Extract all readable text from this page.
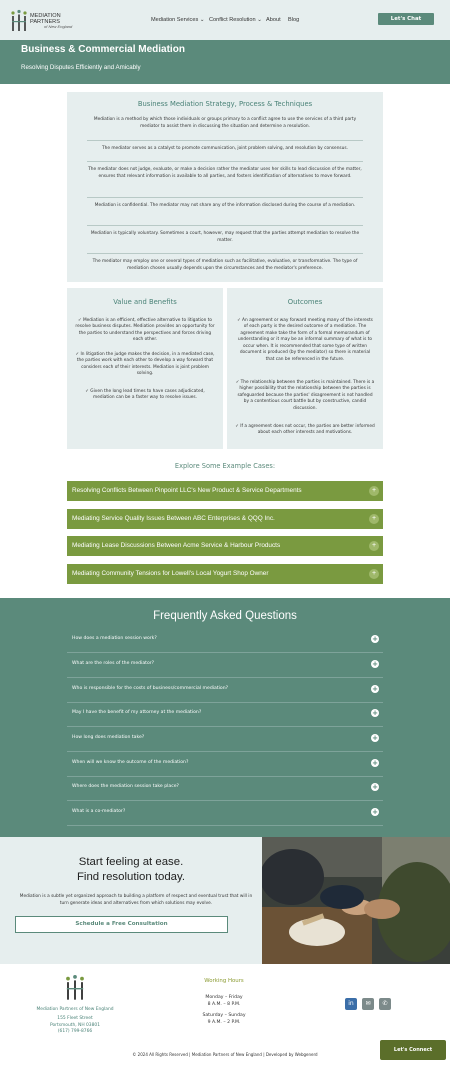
MEDIATION PARTNERS
of New England
Mediation Services ⌄ Conflict Resolution ⌄ About Blog	Let's Chat
Business & Commercial Mediation
Resolving Disputes Efficiently and Amicably
Business Mediation Strategy, Process & Techniques
Mediation is a method by which those individuals or groups primary to a conflict agree to use the services of a third party mediator to assist them in discussing the situation and determine a resolution.
The mediator serves as a catalyst to promote communication, joint problem solving, and resolution by consensus.
The mediator does not judge, evaluate, or make a decision rather the mediator uses her skills to lead discussion of the matter, ensures that relevant information is available to all parties, and fosters identification of alternatives to move forward.
Mediation is confidential. The mediator may not share any of the information disclosed during the course of a mediation.
Mediation is typically voluntary. Sometimes a court, however, may request that the parties attempt mediation to resolve the matter.
The mediator may employ one or several types of mediation such as facilitative, evaluative, or transformative. The type of mediation chosen usually depends upon the circumstances and the mediator's preference.
Value and Benefits
✓ Mediation is an efficient, effective alternative to litigation to resolve business disputes. Mediation provides an opportunity for the parties to understand the perspectives and forces driving each other.
✓ In litigation the judge makes the decision, in a mediated case, the parties work with each other to develop a way forward that considers each of their interests. Mediation is joint problem solving.
✓ Given the long lead times to have cases adjudicated, mediation can be a faster way to resolve issues.
Outcomes
✓ An agreement or way forward meeting many of the interests of each party is the desired outcome of a mediation. The agreement make take the form of a formal memorandum of understanding or it may be an informal summary of what is to occur when. It is recommended that some type of written document is produced (by the mediator) so there is material that can be referenced in the future.
✓ The relationship between the parties is maintained. There is a higher possibility that the relationship between the parties is safeguarded because the parties' disagreement is not handled by a contentious court battle but by constructive, candid discussion.
✓ If a agreement does not occur, the parties are better informed about each other interests and motivations.
Explore Some Example Cases:
Resolving Conflicts Between Pinpoint LLC's New Product & Service Departments	+
Mediating Service Quality Issues Between ABC Enterprises & QQQ Inc.	+
Mediating Lease Discussions Between Acme Service & Harbour Products	+
Mediating Community Tensions for Lowell's Local Yogurt Shop Owner	+
Frequently Asked Questions
How does a mediation session work?	+
What are the roles of the mediator?	+
Who is responsible for the costs of business/commercial mediation?	+
May I have the benefit of my attorney at the mediation?	+
How long does mediation take?	+
When will we know the outcome of the mediation?	+
Where does the mediation session take place?	+
What is a co-mediator?	+
Start feeling at ease.
Find resolution today.

Mediation is a subtle yet organized approach to building a platform of respect and eventual trust that will in turn generate ideas and alternatives from which solutions may evolve.

Schedule a Free Consultation
Mediation Partners of New England
155 Fleet Street
Portsmouth, NH 03801
(617) 799-8766
Working Hours
Monday – Friday
8 A.M. – 8 P.M.
Saturday – Sunday
9 A.M. – 2 P.M.
in	✉	✆
© 2024 All Rights Reserved | Mediation Partners of New England | Developed by Webgenerd
Let's Connect
